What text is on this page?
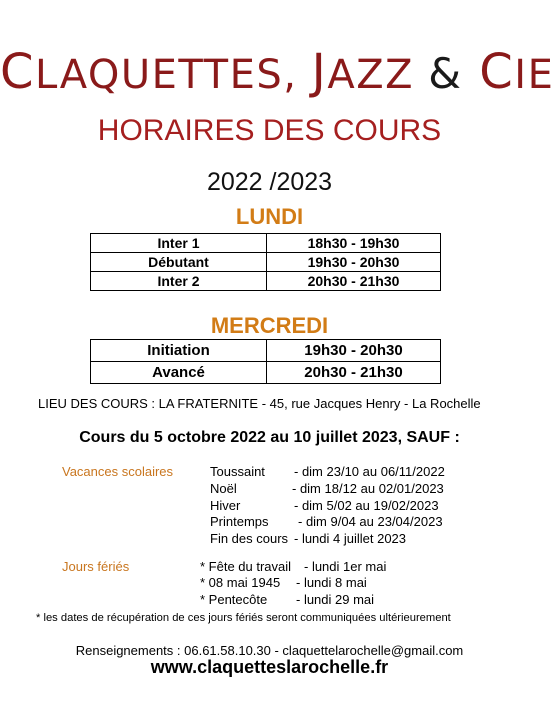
CLAQUETTES, JAZZ & CIE
HORAIRES DES COURS
2022 /2023
LUNDI
Inter 1	18h30 - 19h30
Débutant	19h30 - 20h30
Inter 2	20h30 - 21h30
MERCREDI
Initiation	19h30 - 20h30
Avancé	20h30 - 21h30
LIEU DES COURS : LA FRATERNITE - 45, rue Jacques Henry - La Rochelle
Cours du 5 octobre 2022 au 10 juillet 2023, SAUF :
Vacances scolaires	Toussaint - dim 23/10 au 06/11/2022
Noël	- dim 18/12 au 02/01/2023
Hiver	- dim 5/02 au 19/02/2023
Printemps - dim 9/04 au 23/04/2023
Fin des cours - lundi 4 juillet 2023
Jours fériés	* Fête du travail - lundi 1er mai
* 08 mai 1945 - lundi 8 mai
* Pentecôte - lundi 29 mai
* les dates de récupération de ces jours fériés seront communiquées ultérieurement
Renseignements : 06.61.58.10.30 - claquettelarochelle@gmail.com
www.claquetteslarochelle.fr
